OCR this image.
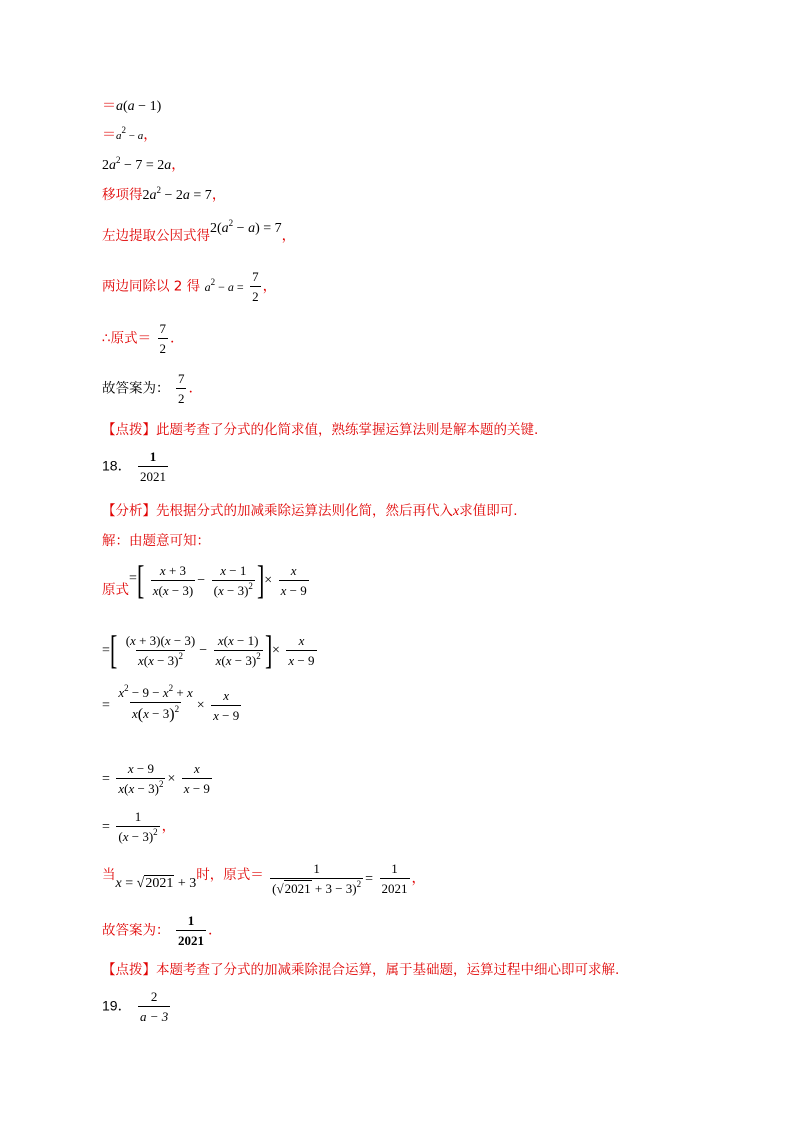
＝a(a − 1)
$=a^2 - a$，
$2a^2 - 7 = 2a$，
移项得$2a^2 - 2a = 7$，
左边提取公因式得$2(a^2 - a) = 7$，
两边同除以 2 得 $a^2 - a = \frac{7}{2}$ ，
∴原式＝ $\frac{7}{2}$ .
故答案为： $\frac{7}{2}$ .
【点拨】此题考查了分式的化简求值，熟练掌握运算法则是解本题的关键.
18． $\frac{1}{2021}$
【分析】先根据分式的加减乘除运算法则化简，然后再代入x求值即可.
解：由题意可知：
原式=[ $\frac{x + 3}{x(x - 3)} - \frac{x - 1}{(x - 3)^2}$ ]× $\frac{x}{x - 9}$
=[ $\frac{(x + 3)(x - 3)}{x(x - 3)^2} - \frac{x(x - 1)}{x(x - 3)^2}$ ]× $\frac{x}{x - 9}$
= $\frac{x^2 - 9 - x^2 + x}{x(x - 3)^2} \times \frac{x}{x - 9}$
= $\frac{x - 9}{x(x - 3)^2} \times \frac{x}{x - 9}$
= $\frac{1}{(x - 3)^2}$ ，
当x = √2021 + 3时，原式＝ $\frac{1}{(√2021 + 3 - 3)^2} = \frac{1}{2021}$ ，
故答案为： $\frac{1}{2021}$ .
【点拨】本题考查了分式的加减乘除混合运算，属于基础题，运算过程中细心即可求解.
19． $\frac{2}{a - 3}$
